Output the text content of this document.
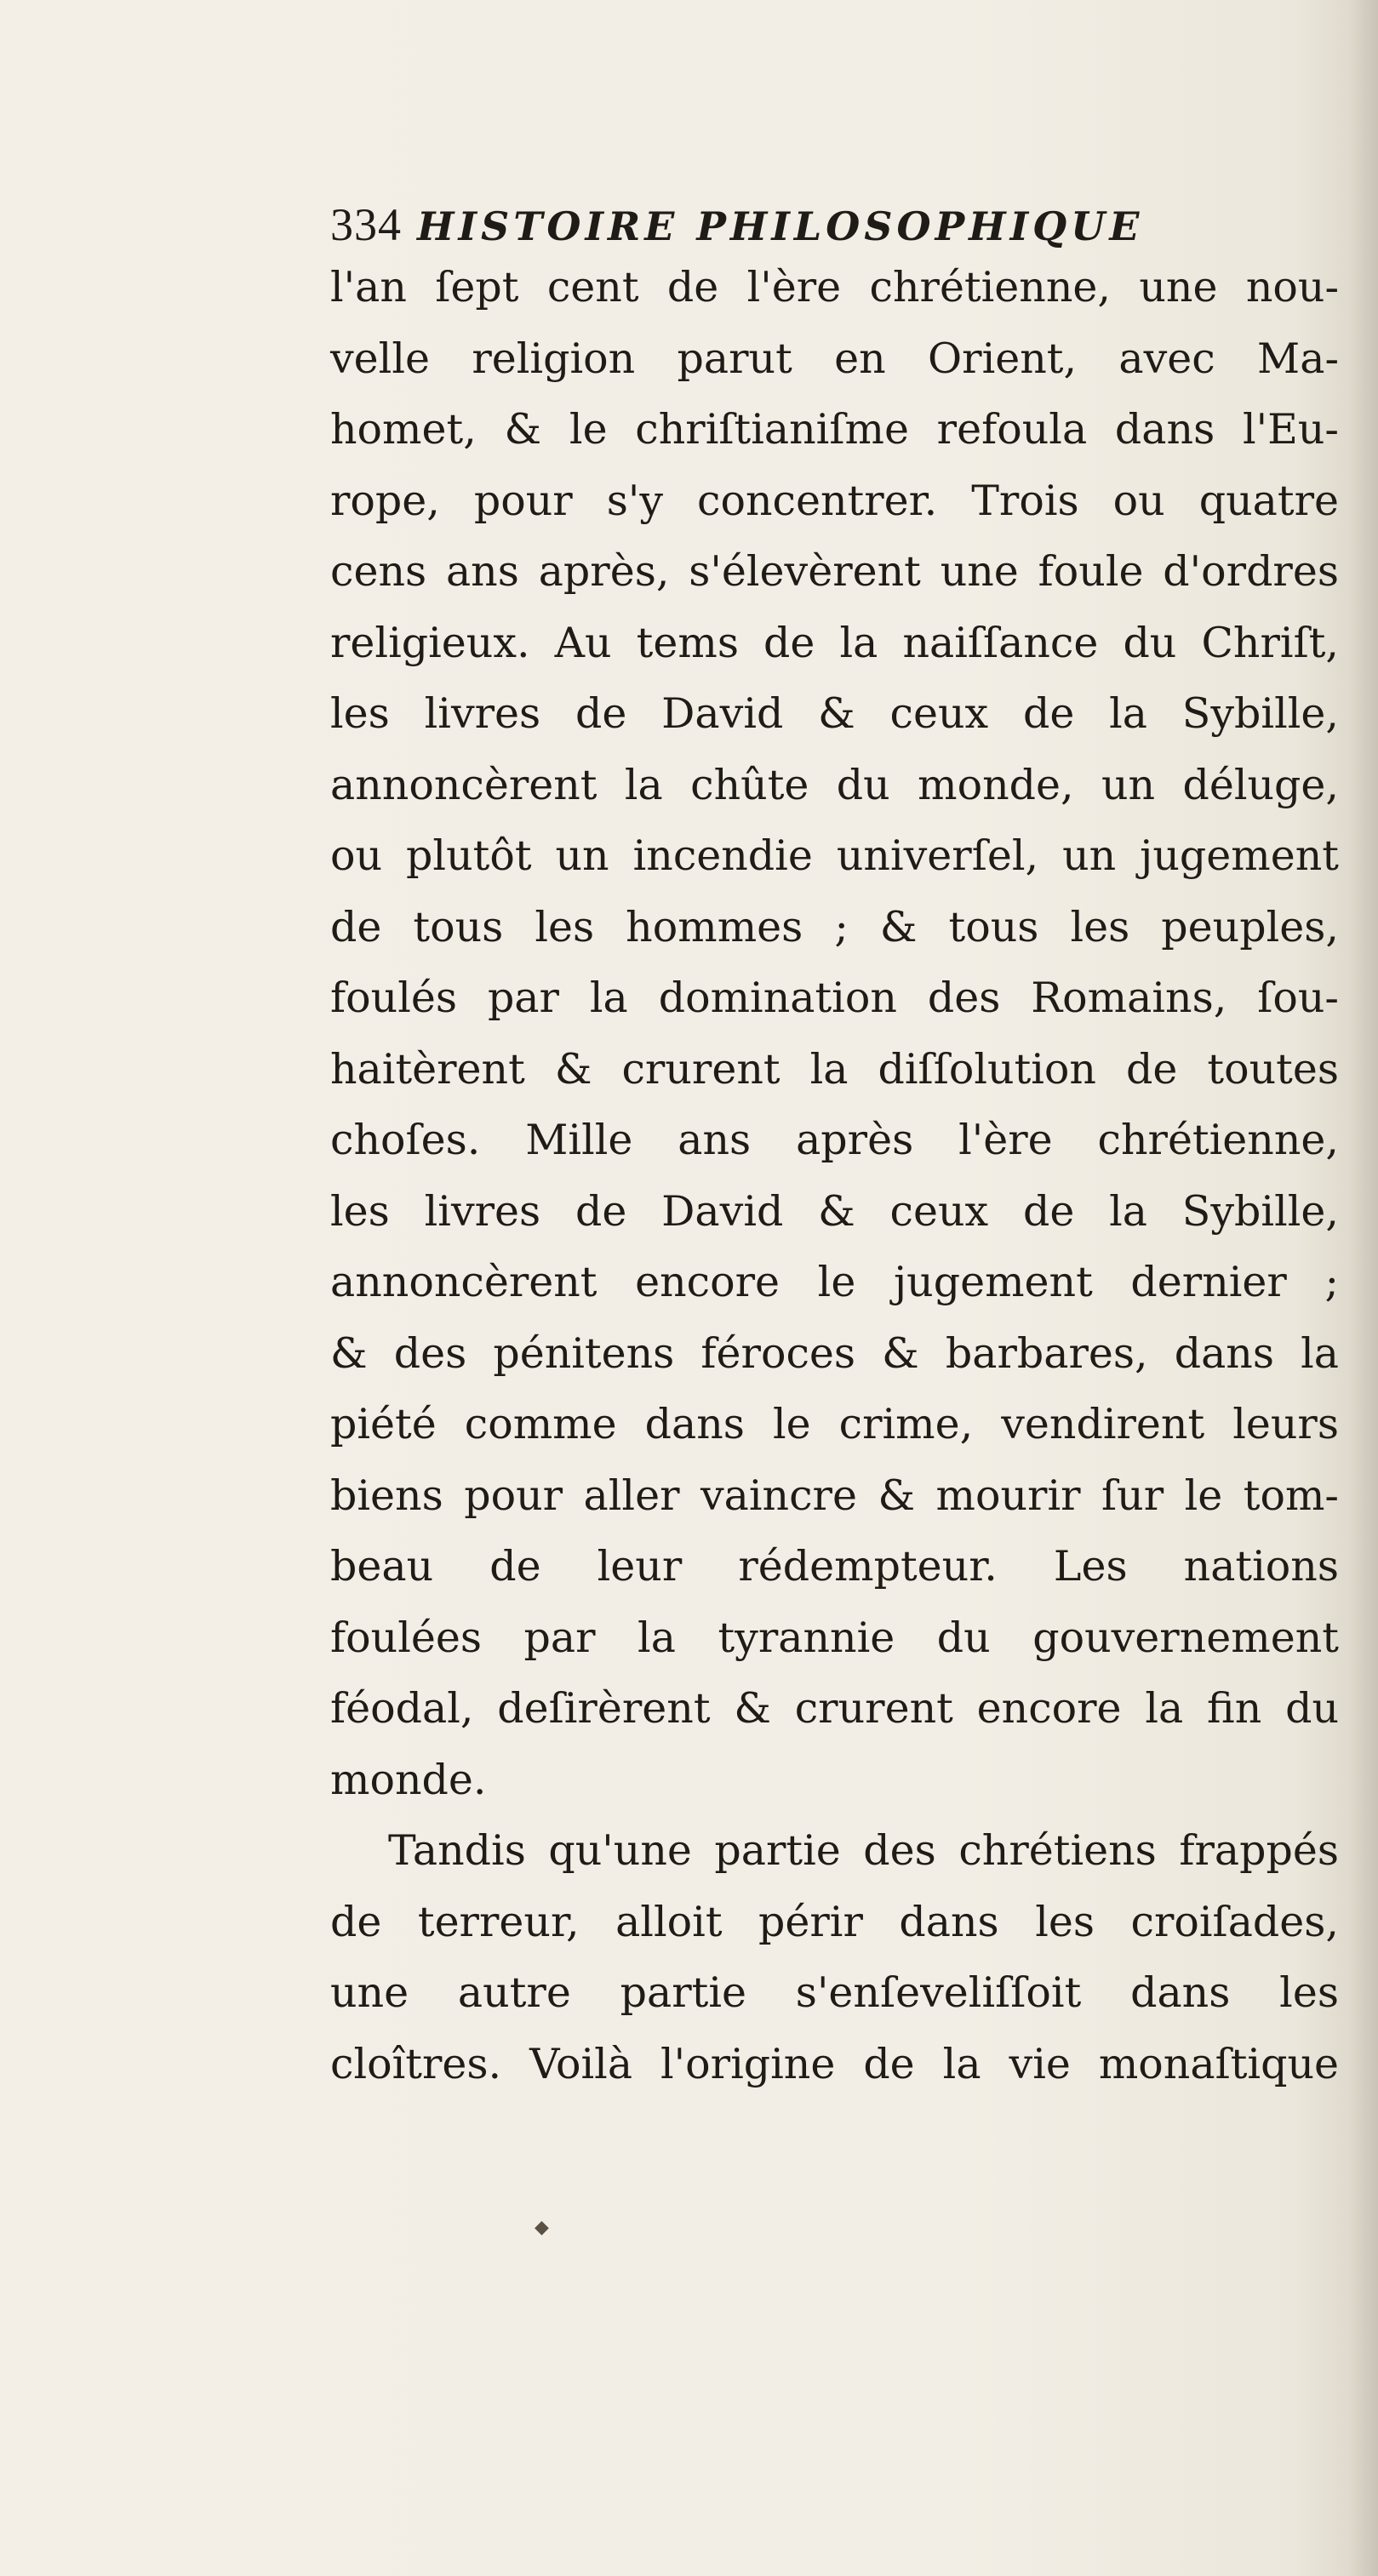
334 HISTOIRE PHILOSOPHIQUE
l'an ſept cent de l'ère chrétienne, une nou-
velle religion parut en Orient, avec Ma-
homet, & le chriſtianiſme refoula dans l'Eu-
rope, pour s'y concentrer. Trois ou quatre
cens ans après, s'élevèrent une foule d'ordres
religieux. Au tems de la naiſſance du Chriſt,
les livres de David & ceux de la Sybille,
annoncèrent la chûte du monde, un déluge,
ou plutôt un incendie univerſel, un jugement
de tous les hommes ; & tous les peuples,
foulés par la domination des Romains, ſou-
haitèrent & crurent la diſſolution de toutes
choſes. Mille ans après l'ère chrétienne,
les livres de David & ceux de la Sybille,
annoncèrent encore le jugement dernier ;
& des pénitens féroces & barbares, dans la
piété comme dans le crime, vendirent leurs
biens pour aller vaincre & mourir ſur le tom-
beau de leur rédempteur. Les nations
foulées par la tyrannie du gouvernement
féodal, deſirèrent & crurent encore la fin du
monde.
Tandis qu'une partie des chrétiens frappés
de terreur, alloit périr dans les croiſades,
une autre partie s'enſeveliſſoit dans les
cloîtres. Voilà l'origine de la vie monaſtique
◆
